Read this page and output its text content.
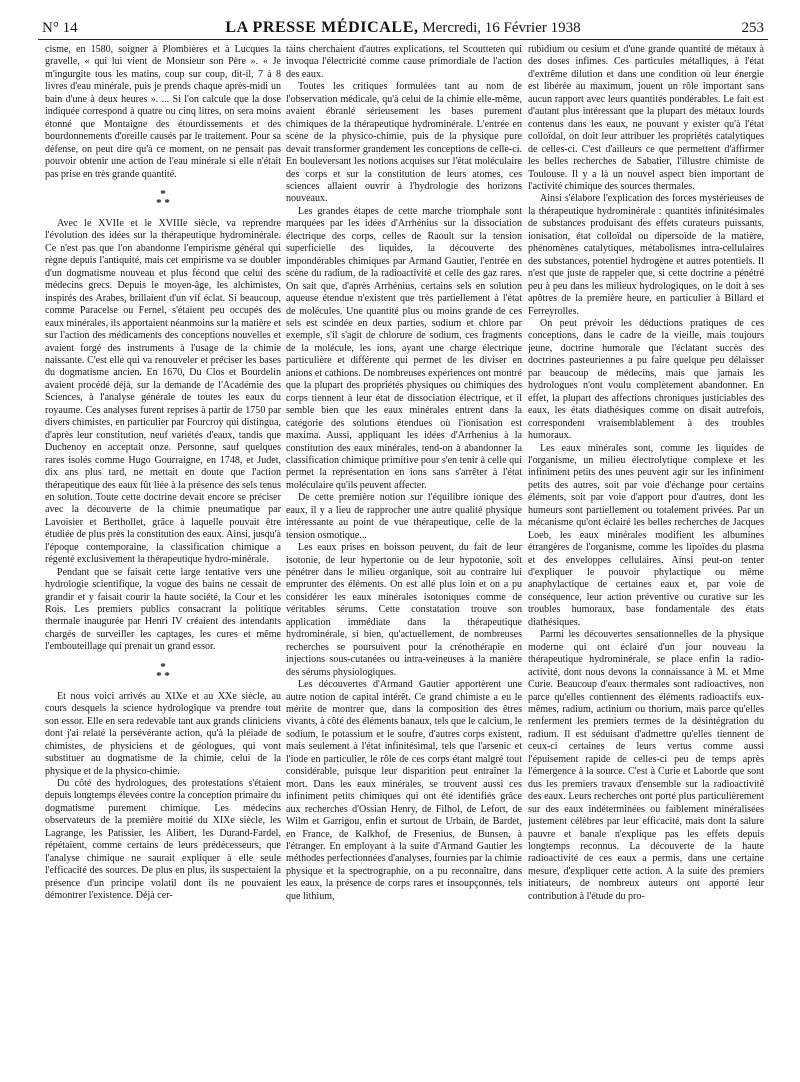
N° 14	LA PRESSE MÉDICALE, Mercredi, 16 Février 1938	253

cisme, en 1580, soigner à Plombières et à Lucques la gravelle, « qui lui vient de Monsieur son Père ». « Je m'ingurgite tous les matins, coup sur coup, dit-il, 7 à 8 livres d'eau minérale, puis je prends chaque après-midi un bain d'une à deux heures ». ... Si l'on calcule que la dose indiquée correspond à quatre ou cinq litres, on sera moins étonné que Montaigne des étourdissements et des bourdonnements d'oreille causés par le traitement. Pour sa défense, on peut dire qu'à ce moment, on ne pensait pas pouvoir obtenir une action de l'eau minérale si elle n'était pas prise en très grande quantité.

*
* *

Avec le XVIIe et le XVIIIe siècle, va reprendre l'évolution des idées sur la thérapeutique hydrominérale. Ce n'est pas que l'on abandonne l'empirisme général qui règne depuis l'antiquité, mais cet empirisme va se doubler d'un dogmatisme nouveau et plus fécond que celui des médecins grecs. Depuis le moyen-âge, les alchimistes, inspirés des Arabes, brillaient d'un vif éclat. Si beaucoup, comme Paracelse ou Fernel, s'étaient peu occupés des eaux minérales, ils apportaient néanmoins sur la matière et sur l'action des médicaments des conceptions nouvelles et avaient forgé des instruments à l'usage de la chimie naissante. C'est elle qui va renouveler et préciser les bases du dogmatisme ancien. En 1670, Du Clos et Bourdelin avaient procédé déjà, sur la demande de l'Académie des Sciences, à l'analyse générale de toutes les eaux du royaume. Ces analyses furent reprises à partir de 1750 par divers chimistes, en particulier par Fourcroy qui distingua, d'après leur constitution, neuf variétés d'eaux, tandis que Duchenoy en acceptait onze. Personne, sauf quelques rares isolés comme Hugo Gourraigne, en 1748, et Judet, dix ans plus tard, ne mettait en doute que l'action thérapeutique des eaux fût liée à la présence des sels tenus en solution. Toute cette doctrine devait encore se préciser avec la découverte de la chimie pneumatique par Lavoisier et Berthollet, grâce à laquelle pouvait être étudiée de plus près la constitution des eaux. Ainsi, jusqu'à l'époque contemporaine, la classification chimique a régenté exclusivement la thérapeutique hydro-minérale.

Pendant que se faisait cette large tentative vers une hydrologie scientifique, la vogue des bains ne cessait de grandir et y faisait courir la haute société, la Cour et les Rois. Les premiers publics consacrant la politique thermale inaugurée par Henri IV créaient des intendants chargés de surveiller les captages, les cures et même l'embouteillage qui prenait un grand essor.

*
* *

Et nous voici arrivés au XIXe et au XXe siècle, au cours desquels la science hydrologique va prendre tout son essor. Elle en sera redevable tant aux grands cliniciens dont j'ai relaté la persévérante action, qu'à la pléiade de chimistes, de physiciens et de géologues, qui vont substituer au dogmatisme de la chimie, celui de la physique et de la physico-chimie.

Du côté des hydrologues, des protestations s'étaient depuis longtemps élevées contre la conception primaire du dogmatisme purement chimique. Les médecins observateurs de la première moitié du XIXe siècle, les Lagrange, les Patissier, les Alibert, les Durand-Fardel, répétaient, comme certains de leurs prédécesseurs, que l'analyse chimique ne saurait expliquer à elle seule l'efficacité des sources. De plus en plus, ils suspectaient la présence d'un principe volatil dont ils ne pouvaient démontrer l'existence. Déjà cer-

tains cherchaient d'autres explications, tel Scoutteten qui invoqua l'électricité comme cause primordiale de l'action des eaux.

Toutes les critiques formulées tant au nom de l'observation médicale, qu'à celui de la chimie elle-même, avaient ébranlé sérieusement les bases purement chimiques de la thérapeutique hydrominérale. L'entrée en scène de la physico-chimie, puis de la physique pure devait transformer grandement les conceptions de celle-ci. En bouleversant les notions acquises sur l'état moléculaire des corps et sur la constitution de leurs atomes, ces sciences allaient ouvrir à l'hydrologie des horizons nouveaux.

Les grandes étapes de cette marche triomphale sont marquées par les idées d'Arrhénius sur la dissociation électrique des corps, celles de Raoult sur la tension superficielle des liquides, la découverte des impondérables chimiques par Armand Gautier, l'entrée en scène du radium, de la radioactivité et celle des gaz rares. On sait que, d'après Arrhénius, certains sels en solution aqueuse étendue n'existent que très partiellement à l'état de molécules. Une quantité plus ou moins grande de ces sels est scindée en deux parties, sodium et chlore par exemple, s'il s'agit de chlorure de sodium, ces fragments de la molécule, les ions, ayant une charge électrique particulière et différente qui permet de les diviser en anions et cathions. De nombreuses expériences ont montré que la plupart des propriétés physiques ou chimiques des corps tiennent à leur état de dissociation électrique, et il semble bien que les eaux minérales entrent dans la catégorie des solutions étendues où l'ionisation est maxima. Aussi, appliquant les idées d'Arrhenius à la constitution des eaux minérales, tend-on à abandonner la classification chimique primitive pour s'en tenir à celle qui permet la représentation en ions sans s'arrêter à l'état moléculaire qu'ils peuvent affecter.

De cette première notion sur l'équilibre ionique des eaux, il y a lieu de rapprocher une autre qualité physique intéressante au point de vue thérapeutique, celle de la tension osmotique...

Les eaux prises en boisson peuvent, du fait de leur isotonie, de leur hypertonie ou de leur hypotonie, soit pénétrer dans le milieu organique, soit au contraire lui emprunter des éléments. On est allé plus loin et on a pu considérer les eaux minérales isotoniques comme de véritables sérums. Cette constatation trouve son application immédiate dans la thérapeutique hydrominérale, si bien, qu'actuellement, de nombreuses recherches se poursuivent pour la crénothérapie en injections sous-cutanées ou intra-veineuses à la manière des sérums physiologiques.

Les découvertes d'Armand Gautier apportèrent une autre notion de capital intérêt. Ce grand chimiste a eu le mérite de montrer que, dans la composition des êtres vivants, à côté des éléments banaux, tels que le calcium, le sodium, le potassium et le soufre, d'autres corps existent, mais seulement à l'état infinitésimal, tels que l'arsenic et l'iode en particulier, le rôle de ces corps étant malgré tout considérable, puisque leur disparition peut entraîner la mort. Dans les eaux minérales, se trouvent aussi ces infiniment petits chimiques qui ont été identifiés grâce aux recherches d'Ossian Henry, de Filhol, de Lefort, de Wilm et Garrigou, enfin et surtout de Urbain, de Bardet, en France, de Kalkhof, de Fresenius, de Bunsen, à l'étranger. En employant à la suite d'Armand Gautier les méthodes perfectionnées d'analyses, fournies par la chimie physique et la spectrographie, on a pu reconnaître, dans les eaux, la présence de corps rares et insoupçonnés, tels que lithium,

rubidium ou cesium et d'une grande quantité de métaux à des doses infimes. Ces particules métalliques, à l'état d'extrême dilution et dans une condition où leur énergie est libérée au maximum, jouent un rôle important sans aucun rapport avec leurs quantités pondérables. Le fait est d'autant plus intéressant que la plupart des métaux lourds contenus dans les eaux, ne pouvant y exister qu'à l'état colloïdal, on doit leur attribuer les propriétés catalytiques de celles-ci. C'est d'ailleurs ce que permettent d'affirmer les belles recherches de Sabatier, l'illustre chimiste de Toulouse. Il y a là un nouvel aspect bien important de l'activité chimique des sources thermales.

Ainsi s'élabore l'explication des forces mystérieuses de la thérapeutique hydrominérale : quantités infinitésimales de substances produisant des effets curateurs puissants, ionisation, état colloïdal ou dipersoïde de la matière, phénomènes catalytiques, métabolismes intra-cellulaires des substances, potentiel hydrogène et autres potentiels. Il n'est que juste de rappeler que, si cette doctrine a pénétré peu à peu dans les milieux hydrologiques, on le doit à ses apôtres de la première heure, en particulier à Billard et Ferreyrolles.

On peut prévoir les déductions pratiques de ces conceptions, dans le cadre de la vieille, mais toujours jeune, doctrine humorale que l'éclatant succès des doctrines pasteuriennes a pu faire quelque peu délaisser par beaucoup de médecins, mais que jamais les hydrologues n'ont voulu complètement abandonner. En effet, la plupart des affections chroniques justiciables des eaux, les états diathésiques comme on disait autrefois, correspondent vraisemblablement à des troubles humoraux.

Les eaux minérales sont, comme les liquides de l'organisme, un milieu électrolytique complexe et les infiniment petits des unes peuvent agir sur les infiniment petits des autres, soit par voie d'échange pour certains éléments, soit par voie d'apport pour d'autres, dont les humeurs sont partiellement ou totalement privées. Par un mécanisme qu'ont éclairé les belles recherches de Jacques Loeb, les eaux minérales modifient les albumines étrangères de l'organisme, comme les lipoïdes du plasma et des enveloppes cellulaires. Ainsi peut-on tenter d'expliquer le pouvoir phylactique ou même anaphylactique de certaines eaux et, par voie de conséquence, leur action préventive ou curative sur les troubles humoraux, base fondamentale des états diathésiques.

Parmi les découvertes sensationnelles de la physique moderne qui ont éclairé d'un jour nouveau la thérapeutique hydrominérale, se place enfin la radio-activité, dont nous devons la connaissance à M. et Mme Curie. Beaucoup d'eaux thermales sont radioactives, non parce qu'elles contiennent des éléments radioactifs eux-mêmes, radium, actinium ou thorium, mais parce qu'elles renferment les premiers termes de la désintégration du radium. Il est séduisant d'admettre qu'elles tiennent de ceux-ci certaines de leurs vertus comme aussi l'épuisement rapide de celles-ci peu de temps après l'émergence à la source. C'est à Curie et Laborde que sont dus les premiers travaux d'ensemble sur la radioactivité des eaux. Leurs recherches ont porté plus particulièrement sur des eaux indéterminées ou faiblement minéralisées justement célèbres par leur efficacité, mais dont la salure pauvre et banale n'explique pas les effets depuis longtemps reconnus. La découverte de la haute radioactivité de ces eaux a permis, dans une certaine mesure, d'expliquer cette action. A la suite des premiers initiateurs, de nombreux auteurs ont apporté leur contribution à l'étude du pro-
